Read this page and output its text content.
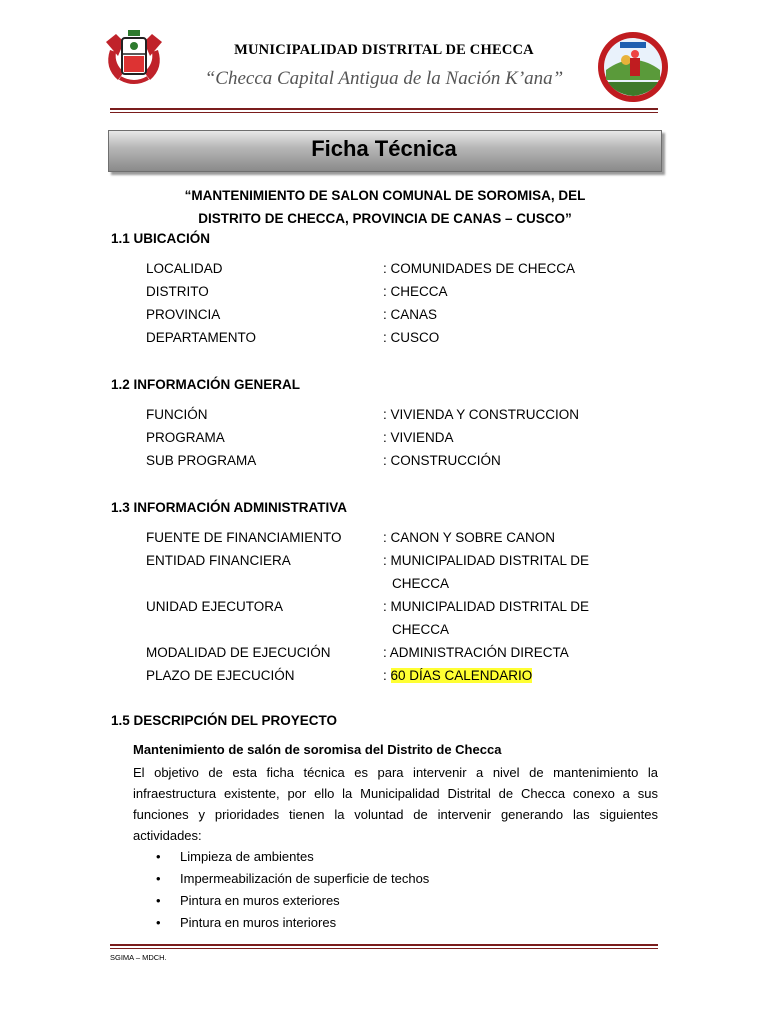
MUNICIPALIDAD DISTRITAL DE CHECCA
“Checca Capital Antigua de la Nación K’ana”
Ficha Técnica
“MANTENIMIENTO DE SALON COMUNAL DE SOROMISA, DEL
DISTRITO DE CHECCA, PROVINCIA DE CANAS – CUSCO”
1.1 UBICACIÓN
LOCALIDAD	: COMUNIDADES DE CHECCA
DISTRITO	: CHECCA
PROVINCIA	: CANAS
DEPARTAMENTO	: CUSCO
1.2 INFORMACIÓN GENERAL
FUNCIÓN	: VIVIENDA Y CONSTRUCCION
PROGRAMA	: VIVIENDA
SUB PROGRAMA	: CONSTRUCCIÓN
1.3 INFORMACIÓN ADMINISTRATIVA
FUENTE DE FINANCIAMIENTO	: CANON Y SOBRE CANON
ENTIDAD FINANCIERA	: MUNICIPALIDAD DISTRITAL DE
CHECCA
UNIDAD EJECUTORA	: MUNICIPALIDAD DISTRITAL DE
CHECCA
MODALIDAD DE EJECUCIÓN	: ADMINISTRACIÓN DIRECTA
PLAZO DE EJECUCIÓN	: 60 DÍAS CALENDARIO
1.5 DESCRIPCIÓN DEL PROYECTO
Mantenimiento de salón de soromisa del Distrito de Checca
El objetivo de esta ficha técnica es para intervenir a nivel de mantenimiento la infraestructura existente, por ello la Municipalidad Distrital de Checca conexo a sus funciones y prioridades tienen la voluntad de intervenir generando las siguientes actividades:
• Limpieza de ambientes
• Impermeabilización de superficie de techos
• Pintura en muros exteriores
• Pintura en muros interiores
SGIMA – MDCH.
